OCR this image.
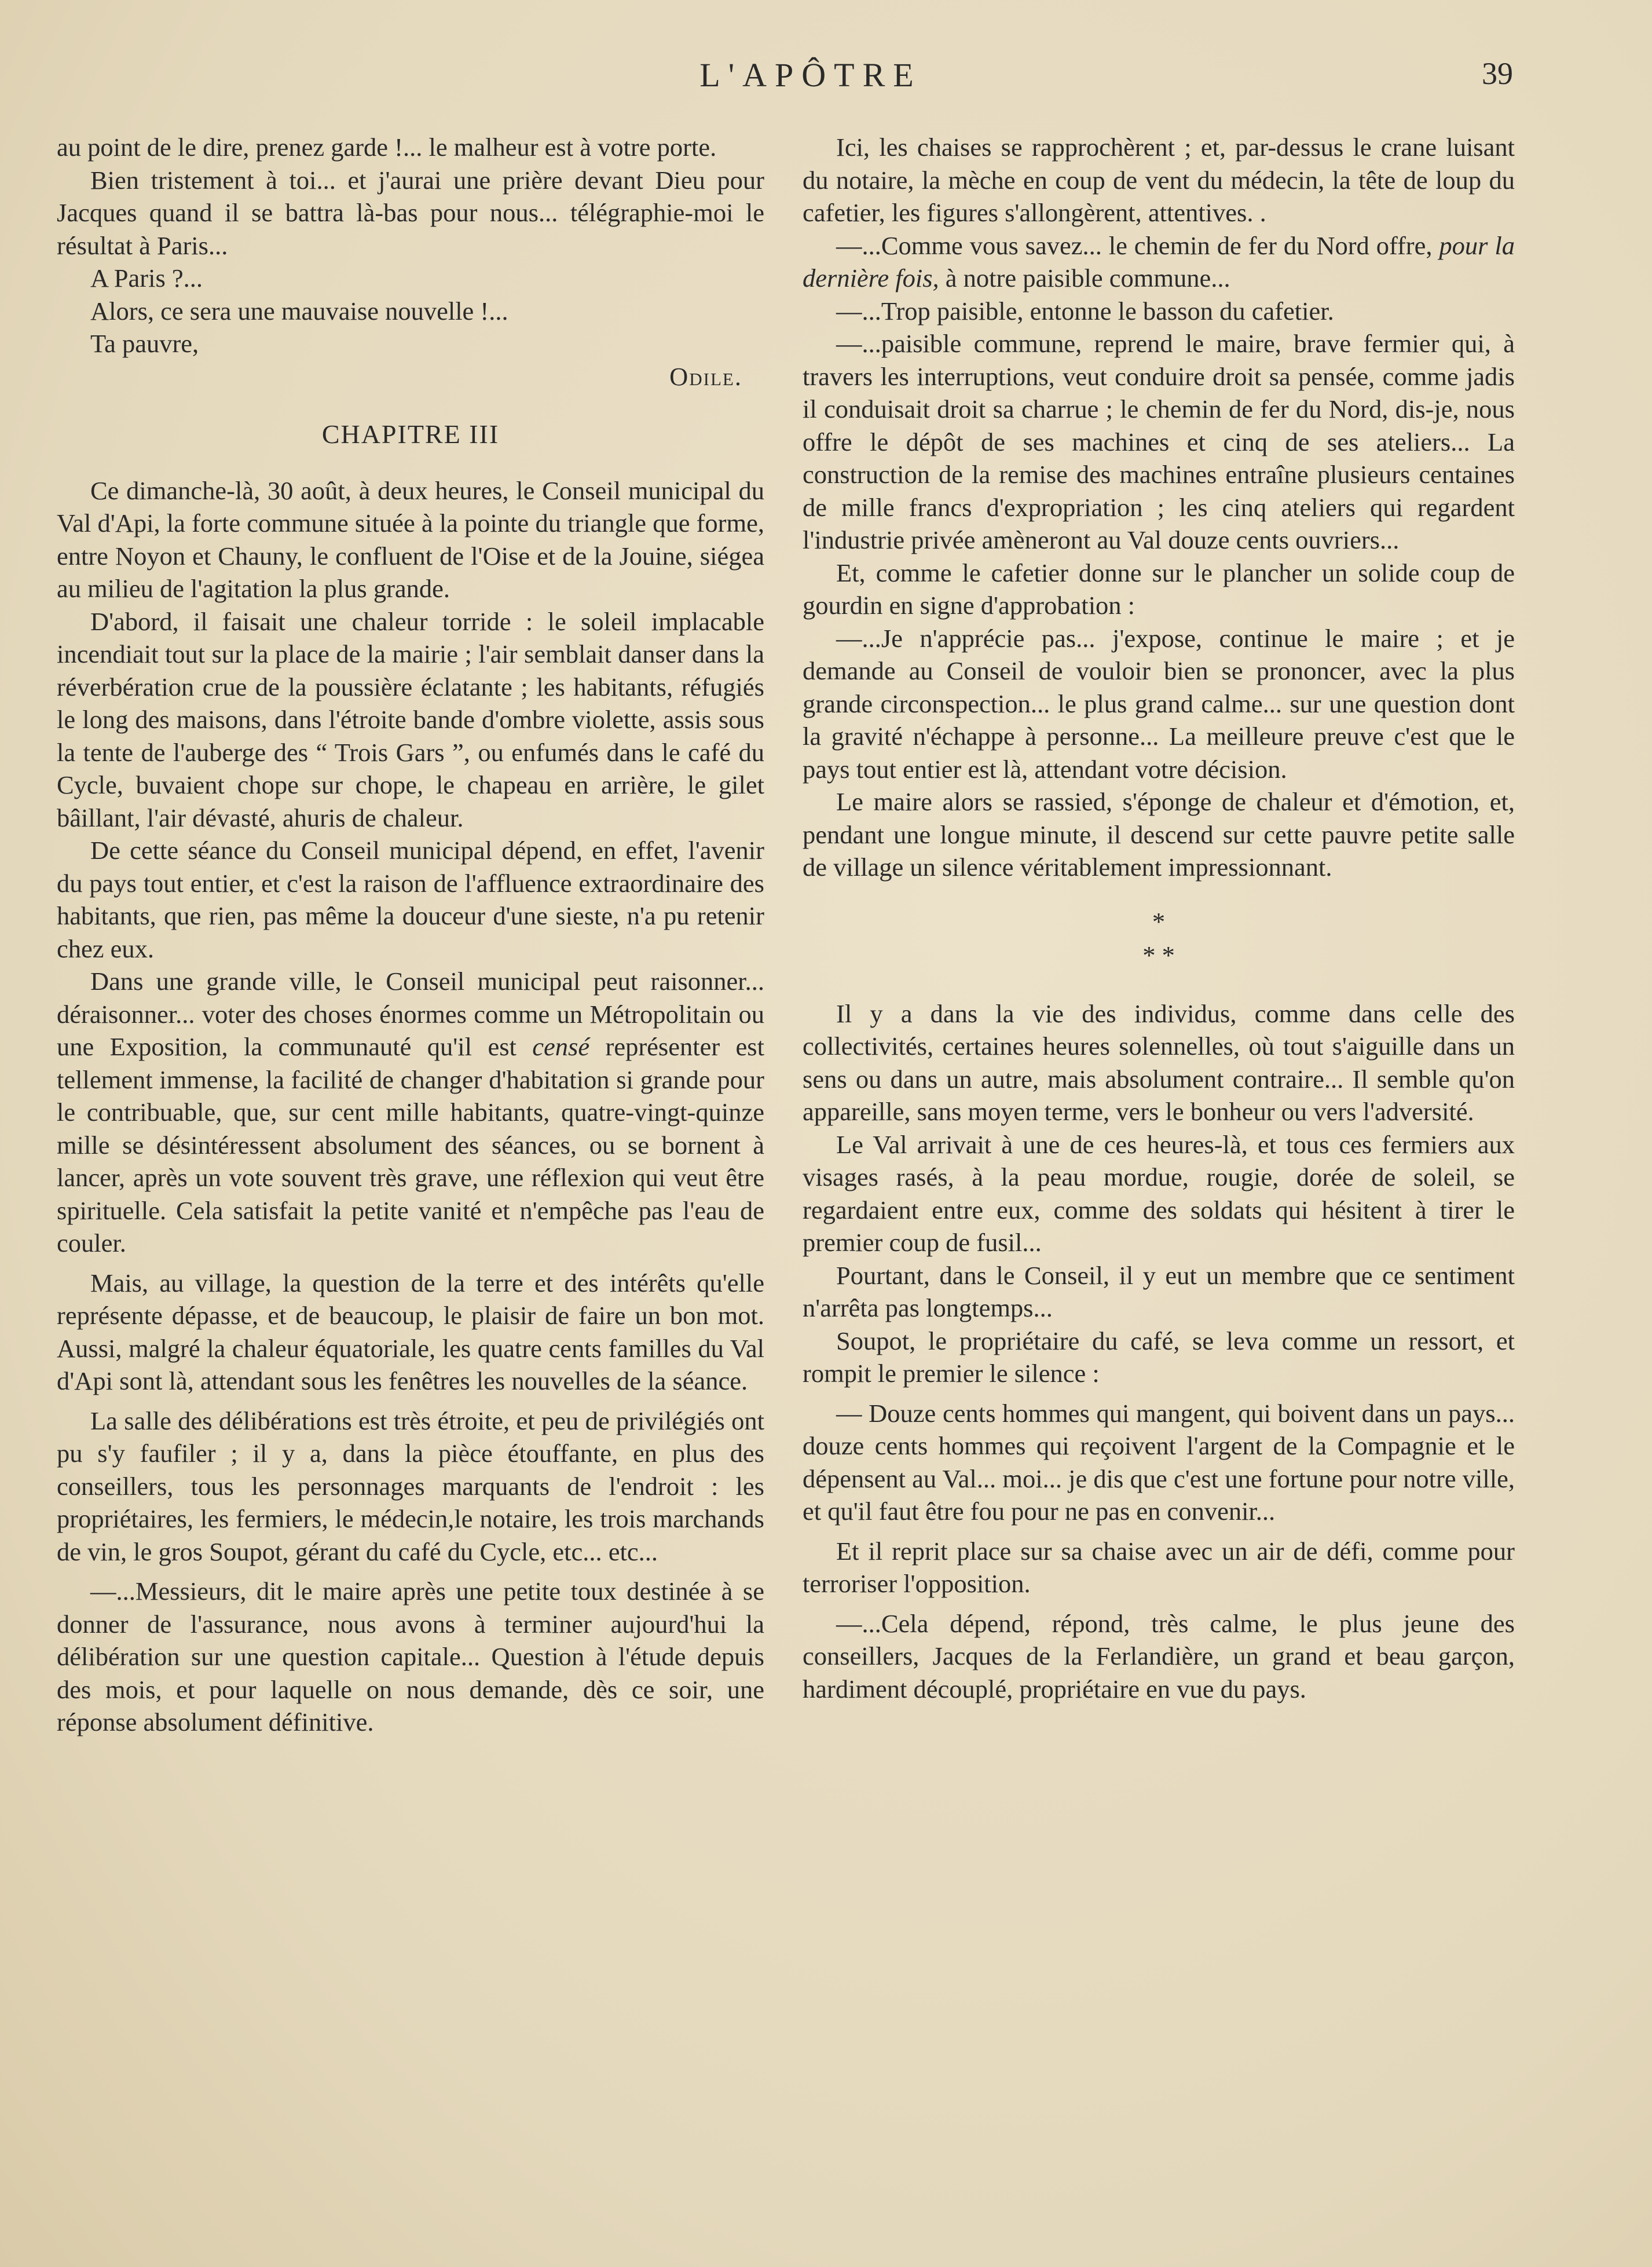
L'APÔTRE	39

au point de le dire, prenez garde !... le malheur est à votre porte.

Bien tristement à toi... et j'aurai une prière devant Dieu pour Jacques quand il se battra là-bas pour nous... télégraphie-moi le résultat à Paris...

A Paris ?...

Alors, ce sera une mauvaise nouvelle !...

Ta pauvre,

Odile.

CHAPITRE III

Ce dimanche-là, 30 août, à deux heures, le Conseil municipal du Val d'Api, la forte commune située à la pointe du triangle que forme, entre Noyon et Chauny, le confluent de l'Oise et de la Jouine, siégea au milieu de l'agitation la plus grande.

D'abord, il faisait une chaleur torride : le soleil implacable incendiait tout sur la place de la mairie ; l'air semblait danser dans la réverbération crue de la poussière éclatante ; les habitants, réfugiés le long des maisons, dans l'étroite bande d'ombre violette, assis sous la tente de l'auberge des “ Trois Gars ”, ou enfumés dans le café du Cycle, buvaient chope sur chope, le chapeau en arrière, le gilet bâillant, l'air dévasté, ahuris de chaleur.

De cette séance du Conseil municipal dépend, en effet, l'avenir du pays tout entier, et c'est la raison de l'affluence extraordinaire des habitants, que rien, pas même la douceur d'une sieste, n'a pu retenir chez eux.

Dans une grande ville, le Conseil municipal peut raisonner... déraisonner... voter des choses énormes comme un Métropolitain ou une Exposition, la communauté qu'il est censé représenter est tellement immense, la facilité de changer d'habitation si grande pour le contribuable, que, sur cent mille habitants, quatre-vingt-quinze mille se désintéressent absolument des séances, ou se bornent à lancer, après un vote souvent très grave, une réflexion qui veut être spirituelle. Cela satisfait la petite vanité et n'empêche pas l'eau de couler.

Mais, au village, la question de la terre et des intérêts qu'elle représente dépasse, et de beaucoup, le plaisir de faire un bon mot. Aussi, malgré la chaleur équatoriale, les quatre cents familles du Val d'Api sont là, attendant sous les fenêtres les nouvelles de la séance.

La salle des délibérations est très étroite, et peu de privilégiés ont pu s'y faufiler ; il y a, dans la pièce étouffante, en plus des conseillers, tous les personnages marquants de l'endroit : les propriétaires, les fermiers, le médecin,le notaire, les trois marchands de vin, le gros Soupot, gérant du café du Cycle, etc... etc...

—...Messieurs, dit le maire après une petite toux destinée à se donner de l'assurance, nous avons à terminer aujourd'hui la délibération sur une question capitale... Question à l'étude depuis des mois, et pour laquelle on nous demande, dès ce soir, une réponse absolument définitive.

Ici, les chaises se rapprochèrent ; et, par-dessus le crane luisant du notaire, la mèche en coup de vent du médecin, la tête de loup du cafetier, les figures s'allongèrent, attentives. .

—...Comme vous savez... le chemin de fer du Nord offre, pour la dernière fois, à notre paisible commune...

—...Trop paisible, entonne le basson du cafetier.

—...paisible commune, reprend le maire, brave fermier qui, à travers les interruptions, veut conduire droit sa pensée, comme jadis il conduisait droit sa charrue ; le chemin de fer du Nord, dis-je, nous offre le dépôt de ses machines et cinq de ses ateliers... La construction de la remise des machines entraîne plusieurs centaines de mille francs d'expropriation ; les cinq ateliers qui regardent l'industrie privée amèneront au Val douze cents ouvriers...

Et, comme le cafetier donne sur le plancher un solide coup de gourdin en signe d'approbation :

—...Je n'apprécie pas... j'expose, continue le maire ; et je demande au Conseil de vouloir bien se prononcer, avec la plus grande circonspection... le plus grand calme... sur une question dont la gravité n'échappe à personne... La meilleure preuve c'est que le pays tout entier est là, attendant votre décision.

Le maire alors se rassied, s'éponge de chaleur et d'émotion, et, pendant une longue minute, il descend sur cette pauvre petite salle de village un silence véritablement impressionnant.

*
* *

Il y a dans la vie des individus, comme dans celle des collectivités, certaines heures solennelles, où tout s'aiguille dans un sens ou dans un autre, mais absolument contraire... Il semble qu'on appareille, sans moyen terme, vers le bonheur ou vers l'adversité.

Le Val arrivait à une de ces heures-là, et tous ces fermiers aux visages rasés, à la peau mordue, rougie, dorée de soleil, se regardaient entre eux, comme des soldats qui hésitent à tirer le premier coup de fusil...

Pourtant, dans le Conseil, il y eut un membre que ce sentiment n'arrêta pas longtemps...

Soupot, le propriétaire du café, se leva comme un ressort, et rompit le premier le silence :

— Douze cents hommes qui mangent, qui boivent dans un pays... douze cents hommes qui reçoivent l'argent de la Compagnie et le dépensent au Val... moi... je dis que c'est une fortune pour notre ville, et qu'il faut être fou pour ne pas en convenir...

Et il reprit place sur sa chaise avec un air de défi, comme pour terroriser l'opposition.

—...Cela dépend, répond, très calme, le plus jeune des conseillers, Jacques de la Ferlandière, un grand et beau garçon, hardiment découplé, propriétaire en vue du pays.
